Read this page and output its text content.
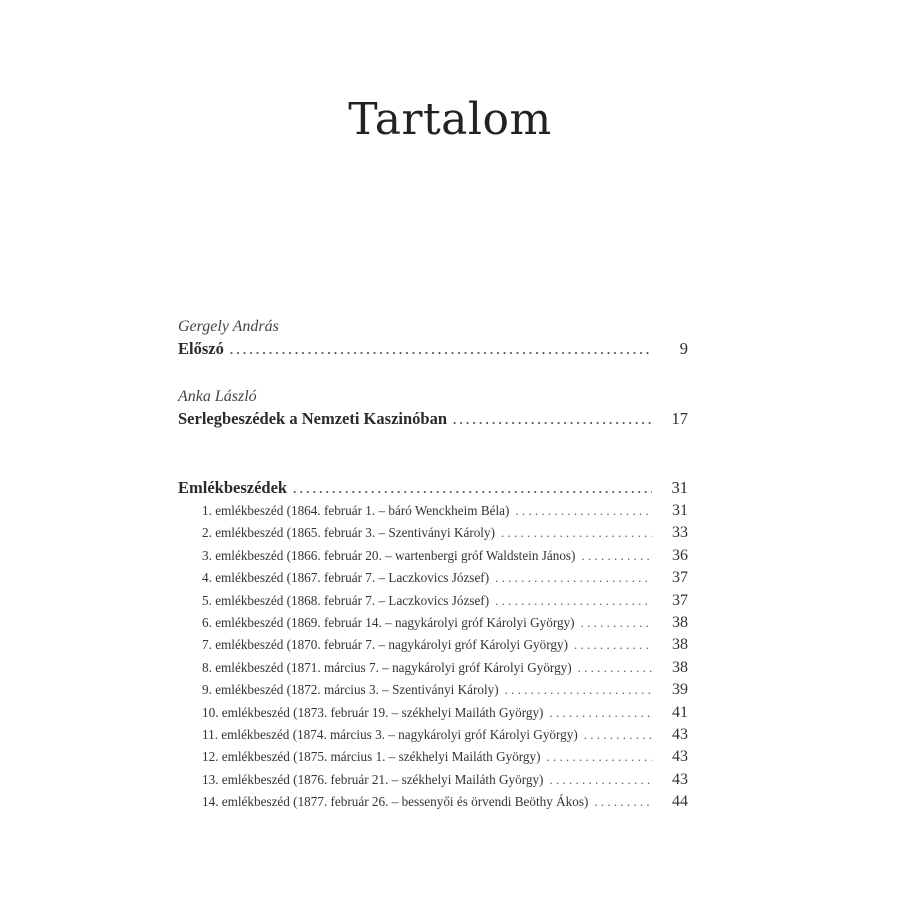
Tartalom
Gergely András
Előszó . . .	9
Anka László
Serlegbeszédek a Nemzeti Kaszinóban . . .	17
Emlékbeszédek . . .	31
1. emlékbeszéd (1864. február 1. – báró Wenckheim Béla) . . .	31
2. emlékbeszéd (1865. február 3. – Szentiványi Károly) . . .	33
3. emlékbeszéd (1866. február 20. – wartenbergi gróf Waldstein János) . . .	36
4. emlékbeszéd (1867. február 7. – Laczkovics József) . . .	37
5. emlékbeszéd (1868. február 7. – Laczkovics József) . . .	37
6. emlékbeszéd (1869. február 14. – nagykárolyi gróf Károlyi György) . . .	38
7. emlékbeszéd (1870. február 7. – nagykárolyi gróf Károlyi György) . . .	38
8. emlékbeszéd (1871. március 7. – nagykárolyi gróf Károlyi György) . . .	38
9. emlékbeszéd (1872. március 3. – Szentiványi Károly) . . .	39
10. emlékbeszéd (1873. február 19. – székhelyi Mailáth György) . . .	41
11. emlékbeszéd (1874. március 3. – nagykárolyi gróf Károlyi György) . . .	43
12. emlékbeszéd (1875. március 1. – székhelyi Mailáth György) . . .	43
13. emlékbeszéd (1876. február 21. – székhelyi Mailáth György) . . .	43
14. emlékbeszéd (1877. február 26. – bessenyői és örvendi Beöthy Ákos) . . .	44
